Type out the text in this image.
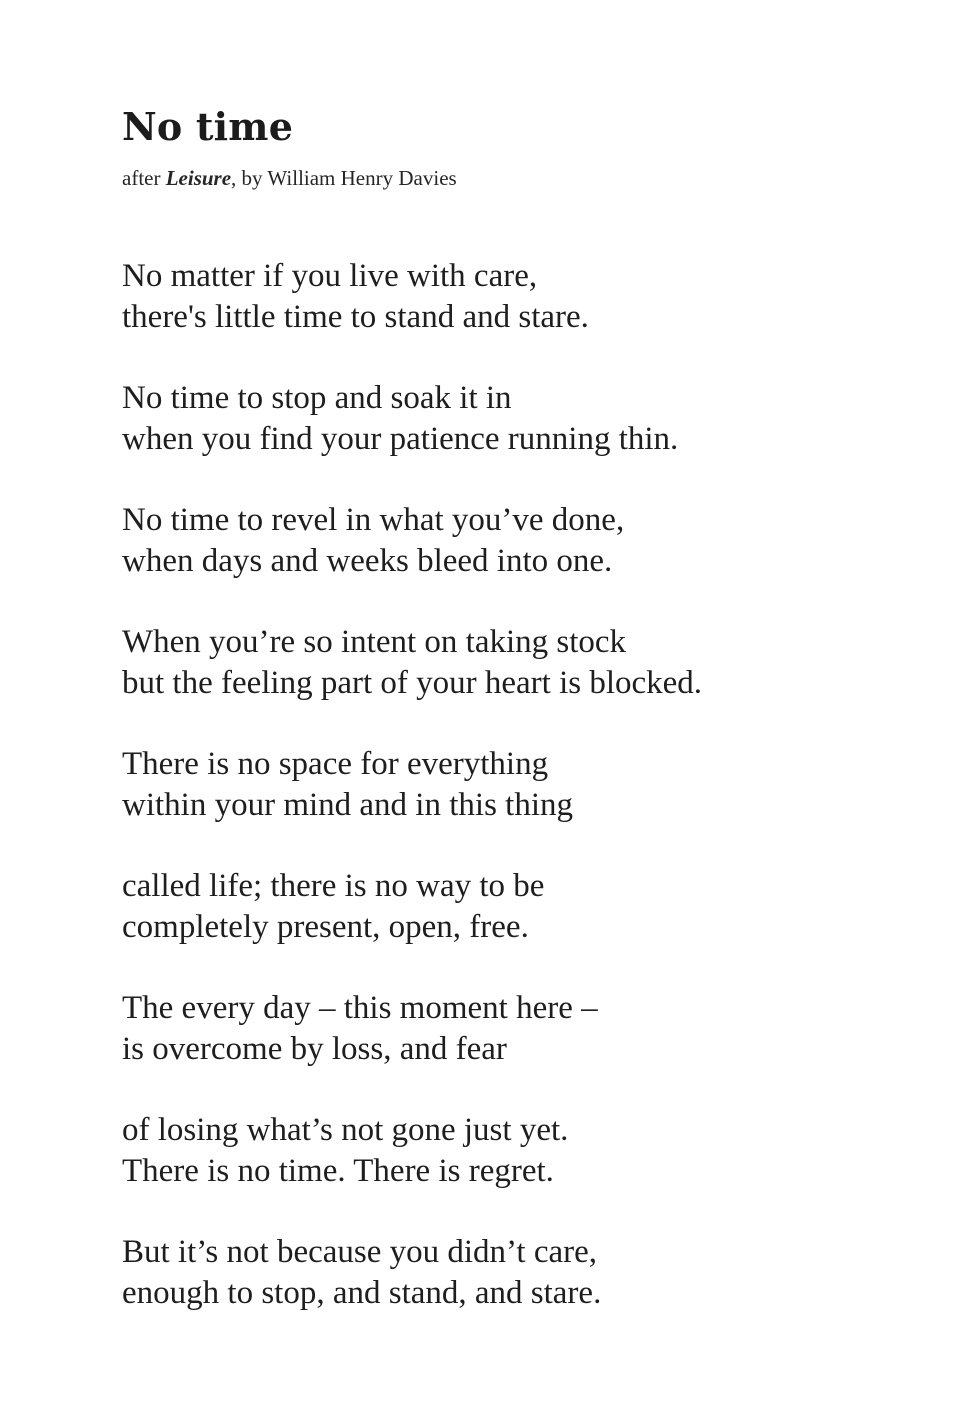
No time

after Leisure, by William Henry Davies

No matter if you live with care,
there's little time to stand and stare.
No time to stop and soak it in
when you find your patience running thin.
No time to revel in what you’ve done,
when days and weeks bleed into one.
When you’re so intent on taking stock
but the feeling part of your heart is blocked.
There is no space for everything
within your mind and in this thing
called life; there is no way to be
completely present, open, free.
The every day – this moment here –
is overcome by loss, and fear
of losing what’s not gone just yet.
There is no time. There is regret.
But it’s not because you didn’t care,
enough to stop, and stand, and stare.
